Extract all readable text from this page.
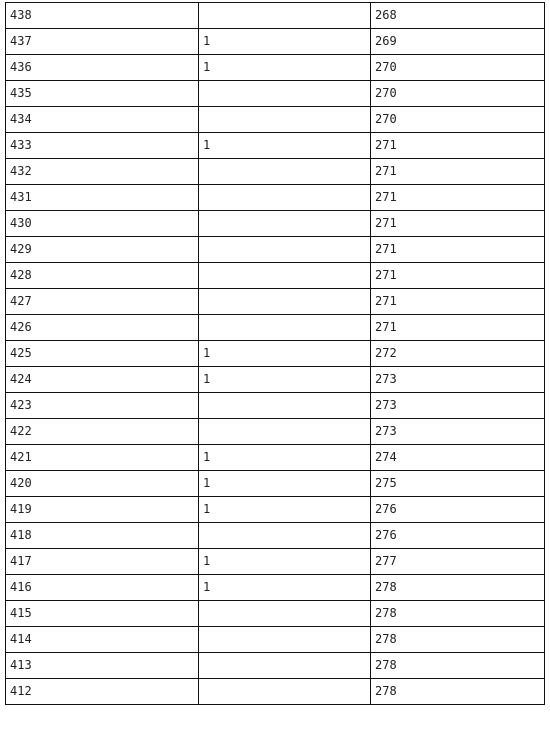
438		268
437	1	269
436	1	270
435		270
434		270
433	1	271
432		271
431		271
430		271
429		271
428		271
427		271
426		271
425	1	272
424	1	273
423		273
422		273
421	1	274
420	1	275
419	1	276
418		276
417	1	277
416	1	278
415		278
414		278
413		278
412		278
